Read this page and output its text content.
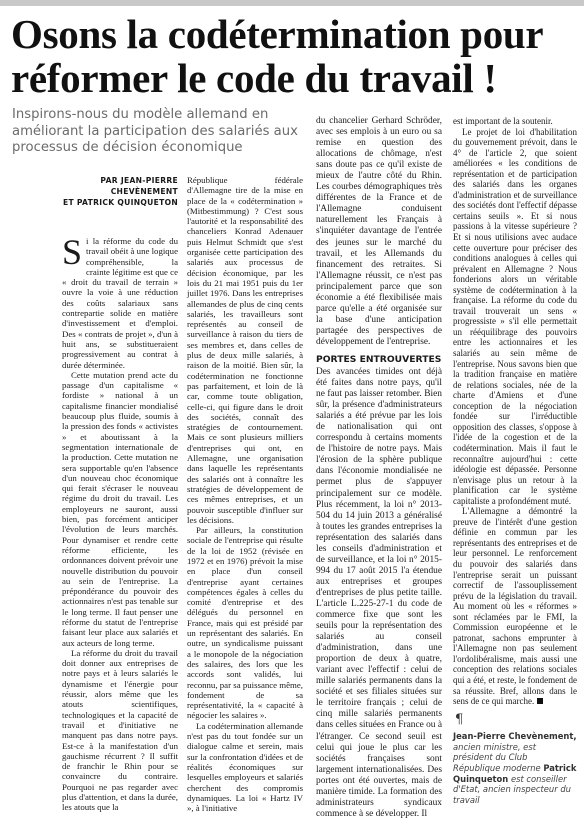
Osons la codétermination pour réformer le code du travail !
Inspirons-nous du modèle allemand en améliorant la participation des salariés aux processus de décision économique
PAR JEAN-PIERRE CHEVÈNEMENT
ET PATRICK QUINQUETON

Si la réforme du code du travail obéit à une logique compréhensible, la crainte légitime est que ce « droit du travail de terrain » ouvre la voie à une réduction des coûts salariaux sans contrepartie solide en matière d'investissement et d'emploi. Des « contrats de projet », d'un à huit ans, se substitueraient progressivement au contrat à durée déterminée.

Cette mutation prend acte du passage d'un capitalisme « fordiste » national à un capitalisme financier mondialisé beaucoup plus fluide, soumis à la pression des fonds « activistes » et aboutissant à la segmentation internationale de la production. Cette mutation ne sera supportable qu'en l'absence d'un nouveau choc économique qui ferait s'écraser le nouveau régime du droit du travail. Les employeurs ne sauront, aussi bien, pas forcément anticiper l'évolution de leurs marchés. Pour dynamiser et rendre cette réforme efficiente, les ordonnances doivent prévoir une nouvelle distribution du pouvoir au sein de l'entreprise. La prépondérance du pouvoir des actionnaires n'est pas tenable sur le long terme. Il faut penser une réforme du statut de l'entreprise faisant leur place aux salariés et aux acteurs de long terme.

La réforme du droit du travail doit donner aux entreprises de notre pays et à leurs salariés le dynamisme et l'énergie pour réussir, alors même que les atouts scientifiques, technologiques et la capacité de travail et d'initiative ne manquent pas dans notre pays. Est-ce à la manifestation d'un gauchisme récurrent ? Il suffit de franchir le Rhin pour se convaincre du contraire. Pourquoi ne pas regarder avec plus d'attention, et dans la durée, les atouts que la

République fédérale d'Allemagne tire de la mise en place de la « codétermination » (Mitbestimmung) ? C'est sous l'autorité et la responsabilité des chanceliers Konrad Adenauer puis Helmut Schmidt que s'est organisée cette participation des salariés aux processus de décision économique, par les lois du 21 mai 1951 puis du 1er juillet 1976. Dans les entreprises allemandes de plus de cinq cents salariés, les travailleurs sont représentés au conseil de surveillance à raison du tiers de ses membres et, dans celles de plus de deux mille salariés, à raison de la moitié. Bien sûr, la codétermination ne fonctionne pas parfaitement, et loin de là car, comme toute obligation, celle-ci, qui figure dans le droit des sociétés, connaît des stratégies de contournement. Mais ce sont plusieurs milliers d'entreprises qui ont, en Allemagne, une organisation dans laquelle les représentants des salariés ont à connaître les stratégies de développement de ces mêmes entreprises, et un pouvoir susceptible d'influer sur les décisions.

Par ailleurs, la constitution sociale de l'entreprise qui résulte de la loi de 1952 (révisée en 1972 et en 1976) prévoit la mise en place d'un conseil d'entreprise ayant certaines compétences égales à celles du comité d'entreprise et des délégués du personnel en France, mais qui est présidé par un représentant des salariés. En outre, un syndicalisme puissant a le monopole de la négociation des salaires, des lors que les accords sont validés, lui reconnu, par sa puissance même, fondement de sa représentativité, la « capacité à négocier les salaires ».

La codétermination allemande n'est pas du tout fondée sur un dialogue calme et serein, mais sur la confrontation d'idées et de réalités économiques sur lesquelles employeurs et salariés cherchent des compromis dynamiques. La loi « Hartz IV », à l'initiative

du chancelier Gerhard Schröder, avec ses emplois à un euro ou sa remise en question des allocations de chômage, n'est sans doute pas ce qu'il existe de mieux de l'autre côté du Rhin. Les courbes démographiques très différentes de la France et de l'Allemagne conduisent naturellement les Français à s'inquiéter davantage de l'entrée des jeunes sur le marché du travail, et les Allemands du financement des retraites. Si l'Allemagne réussit, ce n'est pas principalement parce que son économie a été flexibilisée mais parce qu'elle a été organisée sur la base d'une anticipation partagée des perspectives de développement de l'entreprise.

PORTES ENTROUVERTES

Des avancées timides ont déjà été faites dans notre pays, qu'il ne faut pas laisser retomber. Bien sûr, la présence d'administrateurs salariés a été prévue par les lois de nationalisation qui ont correspondu à certains moments de l'histoire de notre pays. Mais l'érosion de la sphère publique dans l'économie mondialisée ne permet plus de s'appuyer principalement sur ce modèle. Plus récemment, la loi n° 2013-504 du 14 juin 2013 a généralisé à toutes les grandes entreprises la représentation des salariés dans les conseils d'administration et de surveillance, et la loi n° 2015-994 du 17 août 2015 l'a étendue aux entreprises et groupes d'entreprises de plus petite taille. L'article L.225-27-1 du code de commerce fixe que sont les seuils pour la représentation des salariés au conseil d'administration, dans une proportion de deux à quatre, variant avec l'effectif : celui de mille salariés permanents dans la société et ses filiales situées sur le territoire français ; celui de cinq mille salariés permanents dans celles situées en France ou à l'étranger. Ce second seuil est celui qui joue le plus car les sociétés françaises sont largement internationalisées. Des portes ont été ouvertes, mais de manière timide. La formation des administrateurs syndicaux commence à se développer. Il

est important de la soutenir.

Le projet de loi d'habilitation du gouvernement prévoit, dans le 4° de l'article 2, que soient améliorées « les conditions de représentation et de participation des salariés dans les organes d'administration et de surveillance des sociétés dont l'effectif dépasse certains seuils ». Et si nous passions à la vitesse supérieure ? Et si nous utilisions avec audace cette ouverture pour préciser des conditions analogues à celles qui prévalent en Allemagne ? Nous fonderions alors un véritable système de codétermination à la française. La réforme du code du travail trouverait un sens « progressiste » s'il elle permettait un rééquilibrage des pouvoirs entre les actionnaires et les salariés au sein même de l'entreprise. Nous savons bien que la tradition française en matière de relations sociales, née de la charte d'Amiens et d'une conception de la négociation fondée sur l'irréductible opposition des classes, s'oppose à l'idée de la cogestion et de la codétermination. Mais il faut le reconnaître aujourd'hui : cette idéologie est dépassée. Personne n'envisage plus un retour à la planification car le système capitaliste a profondément muté.

L'Allemagne a démontré la preuve de l'intérêt d'une gestion définie en commun par les représentants des entreprises et de leur personnel. Le renforcement du pouvoir des salariés dans l'entreprise serait un puissant correctif de l'assouplissement prévu de la législation du travail. Au moment où les « réformes » sont réclamées par le FMI, la Commission européenne et le patronat, sachons emprunter à l'Allemagne non pas seulement l'ordolibéralisme, mais aussi une conception des relations sociales qui a été, et reste, le fondement de sa réussite. Bref, allons dans le sens de ce qui marche.

¶
Jean-Pierre Chevènement, ancien ministre, est président du Club République moderne Patrick Quinqueton est conseiller d'Etat, ancien inspecteur du travail
